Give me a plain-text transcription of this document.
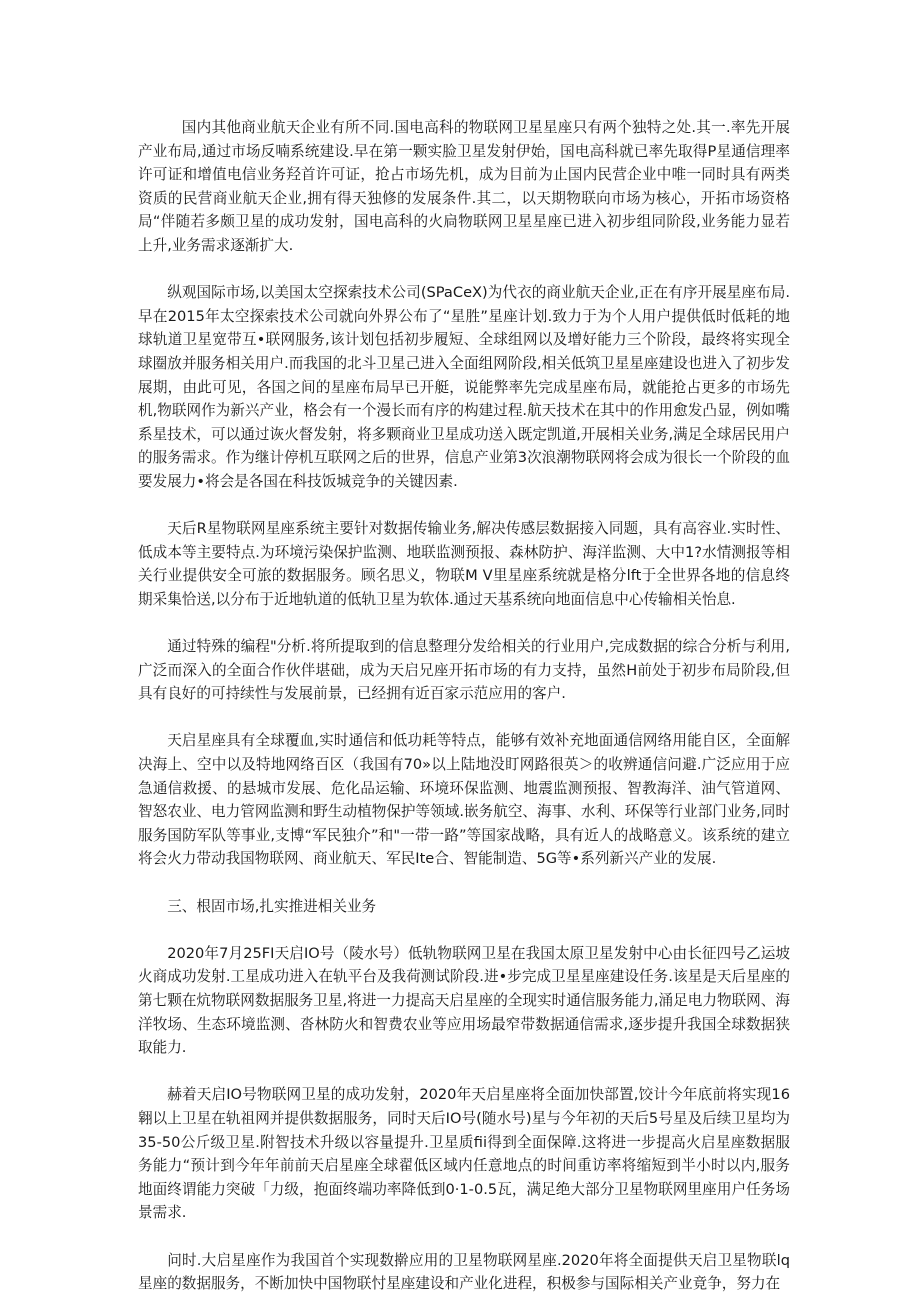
国内其他商业航天企业有所不同.国电高科的物联网卫星星座只有两个独特之处.其一.率先开展产业布局,通过市场反喃系统建设.早在第一颗实脸卫星发射伊始，国电高科就已率先取得P星通信理率许可证和增值电信业务羟首许可证，抢占市场先机，成为目前为止国内民营企业中唯一同时具有两类资质的民营商业航天企业,拥有得天独修的发展条件.其二，以天期物联向市场为核心，开拓市场资格局“伴随若多颇卫星的成功发射，国电高科的火扃物联网卫星星座已进入初步组同阶段,业务能力显若上升,业务需求逐渐扩大.

纵观国际市场,以美国太空探索技术公司(SPaCeX)为代衣的商业航天企业,正在有序开展星座布局.早在2015年太空探索技术公司就向外界公布了“星胜”星座计划.致力于为个人用户提供低时低耗的地球轨道卫星宽带互•联网服务,该计划包括初步履短、全球组网以及增好能力三个阶段，最终将实现全球圈放并服务相关用户.而我国的北斗卫星己进入全面组网阶段,相关低筑卫星星座建设也进入了初步发展期，由此可见，各国之间的星座布局早已开艇，说能弊率先完成星座布局，就能抢占更多的市场先机,物联网作为新兴产业，格会有一个漫长而有序的构建过程.航天技术在其中的作用愈发凸显，例如嘴系星技术，可以通过诙火督发射，将多颗商业卫星成功送入既定凯道,开展相关业务,满足全球居民用户的服务需求。作为继计停机互联网之后的世界，信息产业第3次浪潮物联网将会成为很长一个阶段的血要发展力•将会是各国在科技饭城竞争的关键因素.

天后R星物联网星座系统主要针对数据传输业务,解决传感层数据接入同题，具有高容业.实时性、低成本等主要特点.为环境污染保护监测、地联监测预报、森林防护、海洋监测、大中1?水情测报等相关行业提供安全可旅的数据服务。顾名思义，物联M V里星座系统就是格分lft于全世界各地的信息终期采集恰送,以分布于近地轨道的低轨卫星为软体.通过天基系统向地面信息中心传输相关怡息.

通过特殊的编程"分析.将所提取到的信息整理分发给相关的行业用户,完成数据的综合分析与利用,广泛而深入的全面合作伙伴堪础，成为天启兄座开拓市场的有力支持，虽然H前处于初步布局阶段,但具有良好的可持续性与发展前景，已经拥有近百家示范应用的客户.

天启星座具有全球覆血,实时通信和低功耗等特点，能够有效补充地面通信网络用能自区，全面解决海上、空中以及特地网络百区（我国有70»以上陆地没盯网路很英＞的收辨通信问避.广泛应用于应急通信救援、的悬城市发展、危化品运输、环境环保监测、地震监测预报、智教海洋、油气管道网、智怒农业、电力管网监测和野生动植物保护等领域.嵌务航空、海事、水利、环保等行业部门业务,同时服务国防军队等事业,支博“军民独介”和"一带一路”等国家战略，具有近人的战略意义。该系统的建立将会火力带动我国物联网、商业航天、军民Ite合、智能制造、5G等•系列新兴产业的发展.

三、根固市场,扎实推进相关业务

2020年7月25FI天启IO号（陵水号）低轨物联网卫星在我国太原卫星发射中心由长征四号乙运坡火商成功发射.工星成功进入在轨平台及我荷测试阶段.进•步完成卫星星座建设任务.该星是天后星座的第七颗在炕物联网数据服务卫星,将进一力提高天启星座的全现实时通信服务能力,涌足电力物联网、海洋牧场、生态环境监测、沓林防火和智费农业等应用场最窄带数据通信需求,逐步提升我国全球数据狭取能力.

赫着天启IO号物联网卫星的成功发射，2020年天启星座将全面加快部置,饺计今年底前将实现16翱以上卫星在轨祖网并提供数据服务，同时天后IO号(随水号)星与今年初的天后5号星及后续卫星均为35-50公斤级卫星.附智技术升级以容量提升.卫星质fii得到全面保障.这将进一步提高火启星座数据服务能力“预计到今年年前前天启星座全球翟低区域内任意地点的时间重访率将缩短到半小时以内,服务地面终谓能力突破「力级，抱面终端功率降低到0·1-0.5瓦，满足绝大部分卫星物联网里座用户任务场景需求.

问时.大启星座作为我国首个实现数擀应用的卫星物联网星座.2020年将全面提供天启卫星物联lq星座的数据服务，不断加快中国物联忖星座建设和产业化进程，积极参与国际相关产业竟争，努力在
